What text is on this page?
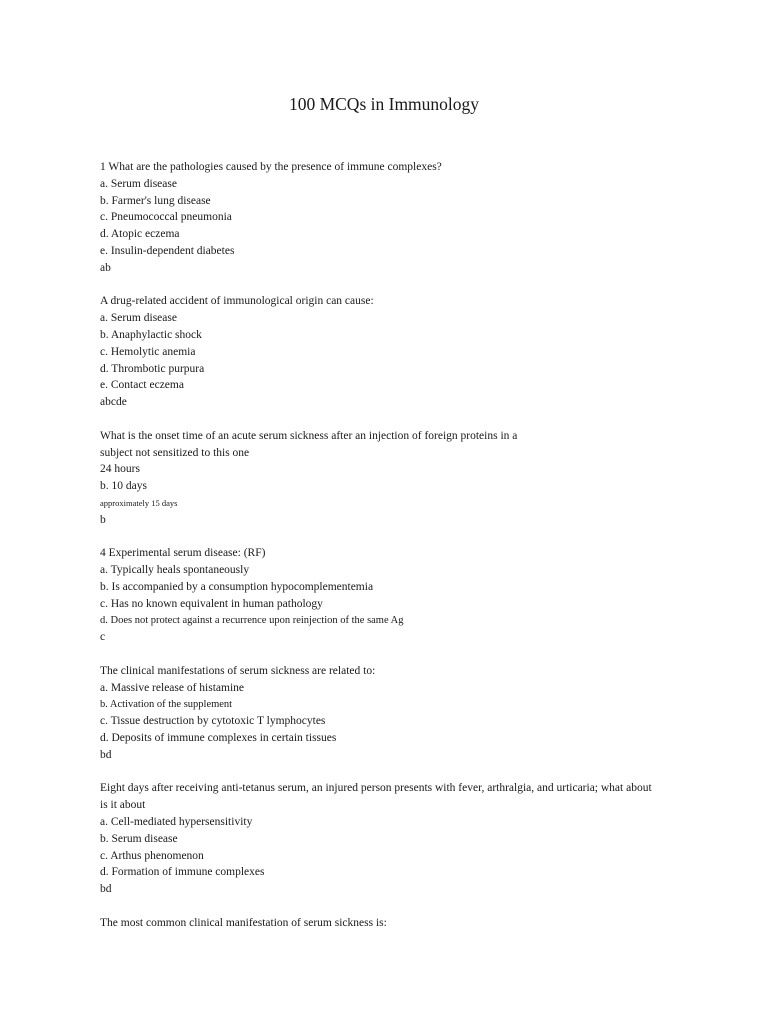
100 MCQs in Immunology
1 What are the pathologies caused by the presence of immune complexes?
a. Serum disease
b. Farmer's lung disease
c. Pneumococcal pneumonia
d. Atopic eczema
e. Insulin-dependent diabetes
ab
A drug-related accident of immunological origin can cause:
a. Serum disease
b. Anaphylactic shock
c. Hemolytic anemia
d. Thrombotic purpura
e. Contact eczema
abcde
What is the onset time of an acute serum sickness after an injection of foreign proteins in a
subject not sensitized to this one
24 hours
b. 10 days
approximately 15 days
b
4 Experimental serum disease: (RF)
a. Typically heals spontaneously
b. Is accompanied by a consumption hypocomplementemia
c. Has no known equivalent in human pathology
d. Does not protect against a recurrence upon reinjection of the same Ag
c
The clinical manifestations of serum sickness are related to:
a. Massive release of histamine
b. Activation of the supplement
c. Tissue destruction by cytotoxic T lymphocytes
d. Deposits of immune complexes in certain tissues
bd
Eight days after receiving anti-tetanus serum, an injured person presents with fever, arthralgia, and urticaria; what about
is it about
a. Cell-mediated hypersensitivity
b. Serum disease
c. Arthus phenomenon
d. Formation of immune complexes
bd
The most common clinical manifestation of serum sickness is:
